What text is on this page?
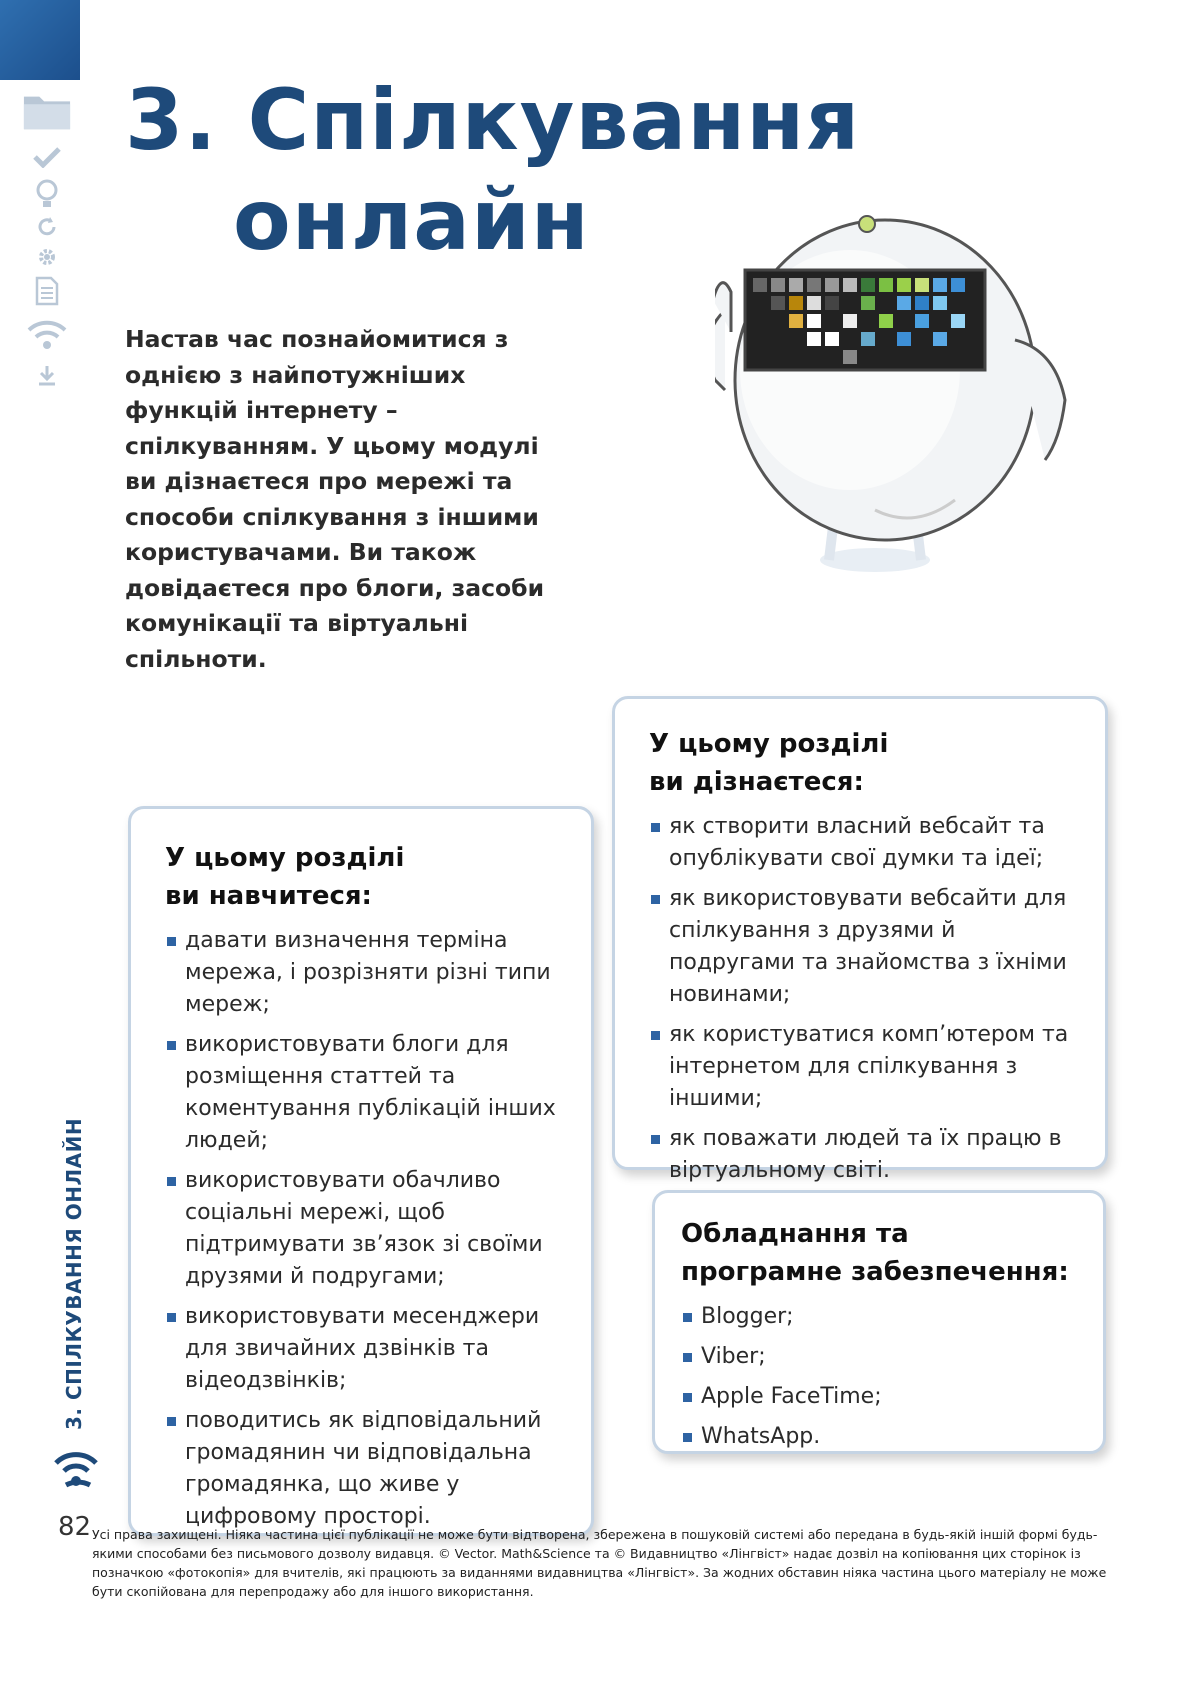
3. Спілкування
онлайн

Настав час познайомитися з однією з найпотужніших функцій інтернету – спілкуванням. У цьому модулі ви дізнаєтеся про мережі та способи спілкування з іншими користувачами. Ви також довідаєтеся про блоги, засоби комунікації та віртуальні спільноти.

У цьому розділі
ви навчитеся:
давати визначення терміна мережа, і розрізняти різні типи мереж;
використовувати блоги для розміщення статтей та коментування публікацій інших людей;
використовувати обачливо соціальні мережі, щоб підтримувати зв’язок зі своїми друзями й подругами;
використовувати месенджери для звичайних дзвінків та відеодзвінків;
поводитись як відповідальний громадянин чи відповідальна громадянка, що живе у цифровому просторі.
У цьому розділі
ви дізнаєтеся:
як створити власний вебсайт та опублікувати свої думки та ідеї;
як використовувати вебсайти для спілкування з друзями й подругами та знайомства з їхніми новинами;
як користуватися комп’ютером та інтернетом для спілкування з іншими;
як поважати людей та їх працю в віртуальному світі.
Обладнання та
програмне забезпечення:
Blogger;
Viber;
Apple FaceTime;
WhatsApp.
3. СПІЛКУВАННЯ ОНЛАЙН
82 Усі права захищені. Ніяка частина цієї публікації не може бути відтворена, збережена в пошуковій системі або передана в будь-якій іншій формі будь-якими способами без письмового дозволу видавця. © Vector. Math&Science та © Видавництво «Лінгвіст» надає дозвіл на копіювання цих сторінок із позначкою «фотокопія» для вчителів, які працюють за виданнями видавництва «Лінгвіст». За жодних обставин ніяка частина цього матеріалу не може бути скопійована для перепродажу або для іншого використання.
